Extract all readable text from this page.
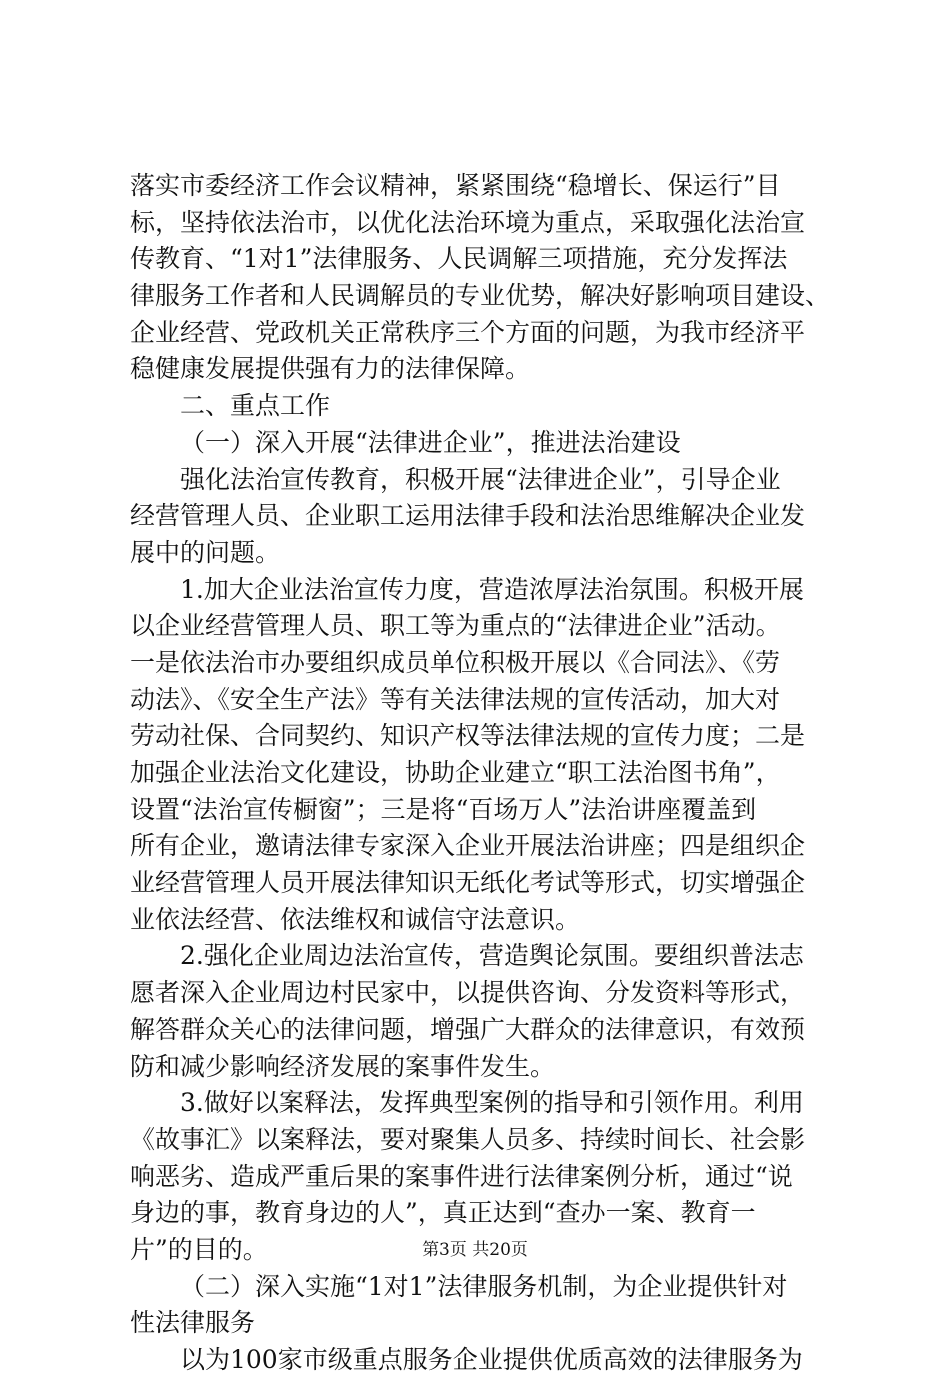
落实市委经济工作会议精神，紧紧围绕“稳增长、保运行”目
标，坚持依法治市，以优化法治环境为重点，采取强化法治宣
传教育、“1对1”法律服务、人民调解三项措施，充分发挥法
律服务工作者和人民调解员的专业优势，解决好影响项目建设、
企业经营、党政机关正常秩序三个方面的问题，为我市经济平
稳健康发展提供强有力的法律保障。
二、重点工作
（一）深入开展“法律进企业”，推进法治建设
强化法治宣传教育，积极开展“法律进企业”，引导企业
经营管理人员、企业职工运用法律手段和法治思维解决企业发
展中的问题。
1.加大企业法治宣传力度，营造浓厚法治氛围。积极开展
以企业经营管理人员、职工等为重点的“法律进企业”活动。
一是依法治市办要组织成员单位积极开展以《合同法》、《劳
动法》、《安全生产法》等有关法律法规的宣传活动，加大对
劳动社保、合同契约、知识产权等法律法规的宣传力度；二是
加强企业法治文化建设，协助企业建立“职工法治图书角”，
设置“法治宣传橱窗”；三是将“百场万人”法治讲座覆盖到
所有企业，邀请法律专家深入企业开展法治讲座；四是组织企
业经营管理人员开展法律知识无纸化考试等形式，切实增强企
业依法经营、依法维权和诚信守法意识。
2.强化企业周边法治宣传，营造舆论氛围。要组织普法志
愿者深入企业周边村民家中，以提供咨询、分发资料等形式，
解答群众关心的法律问题，增强广大群众的法律意识，有效预
防和减少影响经济发展的案事件发生。
3.做好以案释法，发挥典型案例的指导和引领作用。利用
《故事汇》以案释法，要对聚集人员多、持续时间长、社会影
响恶劣、造成严重后果的案事件进行法律案例分析，通过“说
身边的事，教育身边的人”，真正达到“查办一案、教育一
片”的目的。
（二）深入实施“1对1”法律服务机制，为企业提供针对
性法律服务
以为100家市级重点服务企业提供优质高效的法律服务为
第3页 共20页
